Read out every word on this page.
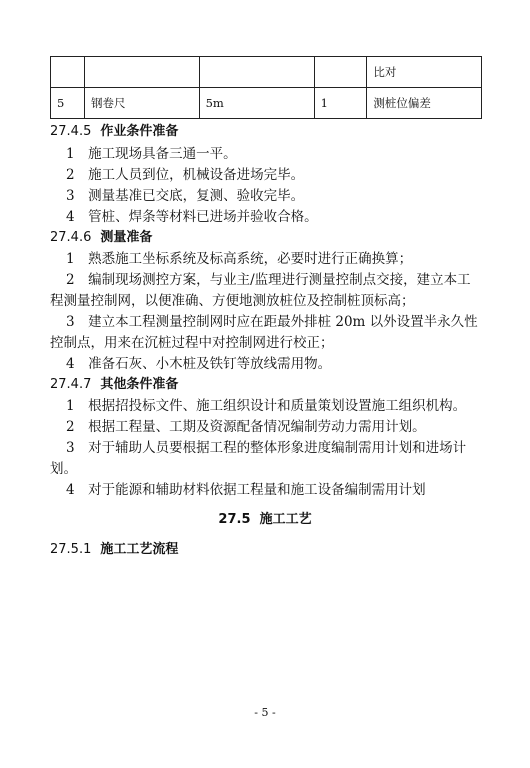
				比对
5	钢卷尺	5m	1	测桩位偏差
27.4.5 作业条件准备
1　施工现场具备三通一平。
2　施工人员到位，机械设备进场完毕。
3　测量基准已交底，复测、验收完毕。
4　管桩、焊条等材料已进场并验收合格。
27.4.6 测量准备
1　熟悉施工坐标系统及标高系统，必要时进行正确换算；
2　编制现场测控方案，与业主/监理进行测量控制点交接，建立本工
程测量控制网，以便准确、方便地测放桩位及控制桩顶标高；
3　建立本工程测量控制网时应在距最外排桩 20m 以外设置半永久性
控制点，用来在沉桩过程中对控制网进行校正；
4　准备石灰、小木桩及铁钉等放线需用物。
27.4.7 其他条件准备
1　根据招投标文件、施工组织设计和质量策划设置施工组织机构。
2　根据工程量、工期及资源配备情况编制劳动力需用计划。
3　对于辅助人员要根据工程的整体形象进度编制需用计划和进场计
划。
4　对于能源和辅助材料依据工程量和施工设备编制需用计划
27.5 施工工艺
27.5.1 施工工艺流程
- 5 -
